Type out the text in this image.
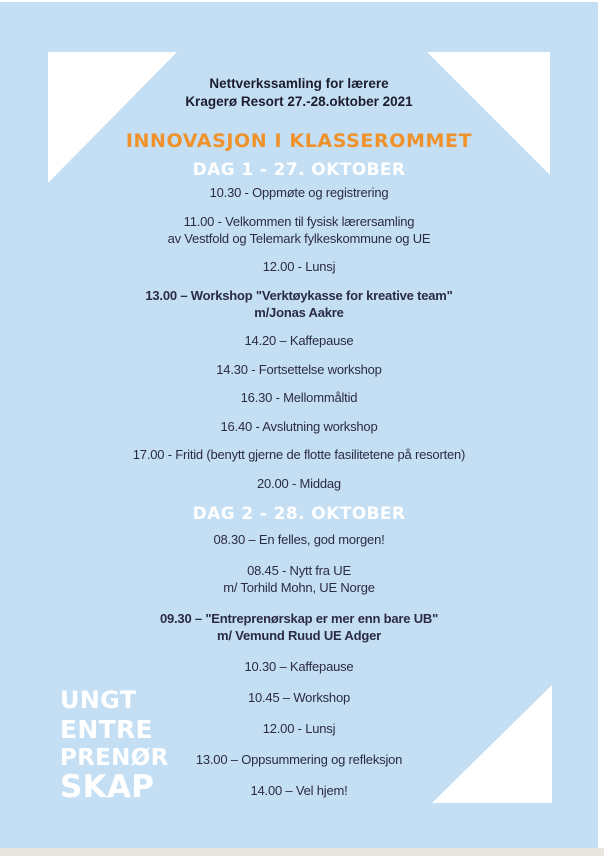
UNGT
ENTRE
PRENØR
SKAP
Nettverkssamling for lærere
Kragerø Resort 27.-28.oktober 2021
INNOVASJON I KLASSEROMMET
DAG 1 - 27. OKTOBER
10.30 - Oppmøte og registrering
11.00 - Velkommen til fysisk lærersamling
av Vestfold og Telemark fylkeskommune og UE
12.00 - Lunsj
13.00 – Workshop "Verktøykasse for kreative team"
m/Jonas Aakre
14.20 – Kaffepause
14.30 - Fortsettelse workshop
16.30 - Mellommåltid
16.40 - Avslutning workshop
17.00 - Fritid (benytt gjerne de flotte fasilitetene på resorten)
20.00 - Middag
DAG 2 - 28. OKTOBER
08.30 – En felles, god morgen!
08.45 - Nytt fra UE
m/ Torhild Mohn, UE Norge
09.30 – "Entreprenørskap er mer enn bare UB"
m/ Vemund Ruud UE Adger
10.30 – Kaffepause
10.45 – Workshop
12.00 - Lunsj
13.00 – Oppsummering og refleksjon
14.00 – Vel hjem!
